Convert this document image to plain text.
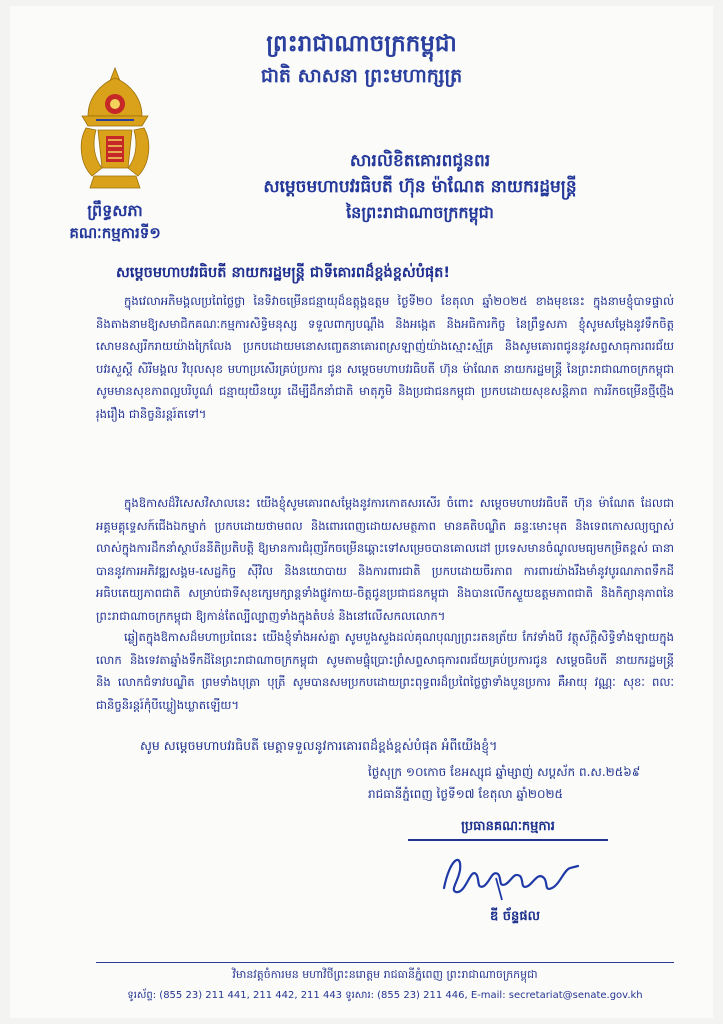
ព្រះរាជាណាចក្រកម្ពុជា
ជាតិ សាសនា ព្រះមហាក្សត្រ
ព្រឹទ្ធសភា
គណៈកម្មការទី១
សារលិខិតគោរពជូនពរ
សម្តេចមហាបវរធិបតី ហ៊ុន ម៉ាណែត នាយករដ្ឋមន្ត្រី
នៃព្រះរាជាណាចក្រកម្ពុជា
សម្តេចមហាបវរធិបតី នាយករដ្ឋមន្ត្រី ជាទីគោរពដ៏ខ្ពង់ខ្ពស់បំផុត!
ក្នុងវេលាអភិមង្គលប្រពៃថ្លៃថ្លា នៃទិវាចម្រើនជន្មាយុដ៏ឧត្តុង្គឧត្តម ថ្ងៃទី២០ ខែតុលា ឆ្នាំ២០២៥ ខាងមុខនេះ ក្នុងនាមខ្ញុំបាទផ្ទាល់ និងតាងនាមឱ្យសមាជិកគណៈកម្មការសិទ្ធិមនុស្ស ទទួលពាក្យបណ្តឹង និងអង្កេត និងអធិការកិច្ច នៃព្រឹទ្ធសភា ខ្ញុំសូមសម្តែងនូវទឹកចិត្តសោមនស្សរីករាយយ៉ាងក្រៃលែង ប្រកបដោយមនោសញ្ចេតនាគោរពស្រឡាញ់យ៉ាងស្មោះស្ម័គ្រ និងសូមគោរពជូននូវសព្ទសាធុការពរជ័យ បវរសួស្តី សិរីមង្គល វិបុលសុខ មហាប្រសើរគ្រប់ប្រការ ជូន សម្តេចមហាបវរធិបតី ហ៊ុន ម៉ាណែត នាយករដ្ឋមន្ត្រី នៃព្រះរាជាណាចក្រកម្ពុជា សូមមានសុខភាពល្អបរិបូណ៌ ជន្មាយុយឺនយូរ ដើម្បីដឹកនាំជាតិ មាតុភូមិ និងប្រជាជនកម្ពុជា ប្រកបដោយសុខសន្តិភាព ការរីកចម្រើនថ្មីថ្មើង រុងរឿង ជានិច្ចនិរន្តរ៍តទៅ។
ក្នុងឱកាសដ៏វិសេសវិសាលនេះ យើងខ្ញុំសូមគោរពសម្តែងនូវការកោតសរសើរ ចំពោះ សម្តេចមហាបវរធិបតី ហ៊ុន ម៉ាណែត ដែលជាអគ្គមគ្គុទ្ទេសក៍ជើងឯកម្នាក់ ប្រកបដោយថាមពល និងពោរពេញដោយសមត្ថភាព មានគតិបណ្ឌិត ឆន្ទៈមោះមុត និងទេពកោសល្យច្បាស់លាស់ក្នុងការដឹកនាំស្ថាប័ននីតិប្រតិបត្តិ ឱ្យមានការជំរុញរីកចម្រើនឆ្ពោះទៅសម្រេចបានគោលដៅ ប្រទេសមានចំណូលមធ្យមកម្រិតខ្ពស់ ធានាបាននូវការអភិវឌ្ឍសង្គម-សេដ្ឋកិច្ច ស៊ីវិល និងនយោបាយ និងការពារជាតិ ប្រកបដោយចីរភាព ការពារយ៉ាងរឹងមាំនូវបូរណភាពទឹកដី អធិបតេយ្យភាពជាតិ សម្រាប់ជាទីសុខក្សេមក្សាន្តទាំងផ្លូវកាយ-ចិត្តជូនប្រជាជនកម្ពុជា និងបានលើកស្ទួយឧត្តមភាពជាតិ និងកិត្យានុភាពនៃព្រះរាជាណាចក្រកម្ពុជា ឱ្យកាន់តែល្បីល្បាញទាំងក្នុងតំបន់ និងនៅលើសកលលោក។
ឆ្លៀតក្នុងឱកាសដ៏មហាប្រពៃនេះ យើងខ្ញុំទាំងអស់គ្នា សូមបួងសួងដល់គុណបុណ្យព្រះរតនត្រ័យ កែវទាំងបី វត្ថុស័ក្តិសិទ្ធិទាំងឡាយក្នុងលោក និងទេវតាឆ្នាំងទឹកដីនៃព្រះរាជាណាចក្រកម្ពុជា សូមតាមផ្ទុំប្រោះព្រំសព្ទសាធុការពរជ័យគ្រប់ប្រការជូន សម្តេចធិបតី នាយករដ្ឋមន្ត្រី និង លោកជំទាវបណ្ឌិត ព្រមទាំងបុត្រា បុត្រី សូមបានសមប្រកបដោយព្រះពុទ្ធពរដ៏ប្រពៃថ្លៃថ្លាទាំងបួនប្រការ គឺអាយុ វណ្ណៈ សុខៈ ពលៈ ជានិច្ចនិរន្តរ៍កុំបីឃ្លៀងឃ្លាតឡើយ។
សូម សម្តេចមហាបវរធិបតី មេត្តាទទួលនូវការគោរពដ៏ខ្ពង់ខ្ពស់បំផុត អំពីយើងខ្ញុំ។
ថ្ងៃសុក្រ ១០កោច ខែអស្សុជ ឆ្នាំម្សាញ់ សប្តស័ក ព.ស.២៥៦៩
រាជធានីភ្នំពេញ ថ្ងៃទី១៧ ខែតុលា ឆ្នាំ២០២៥
ប្រធានគណៈកម្មការ
ឌី ច័ន្ទផល
វិមានវត្តចំការមន មហាវិថីព្រះនរោត្តម រាជធានីភ្នំពេញ ព្រះរាជាណាចក្រកម្ពុជា
ទូរស័ព្ទ: (855 23) 211 441, 211 442, 211 443 ទូរសារ: (855 23) 211 446, E-mail: secretariat@senate.gov.kh
